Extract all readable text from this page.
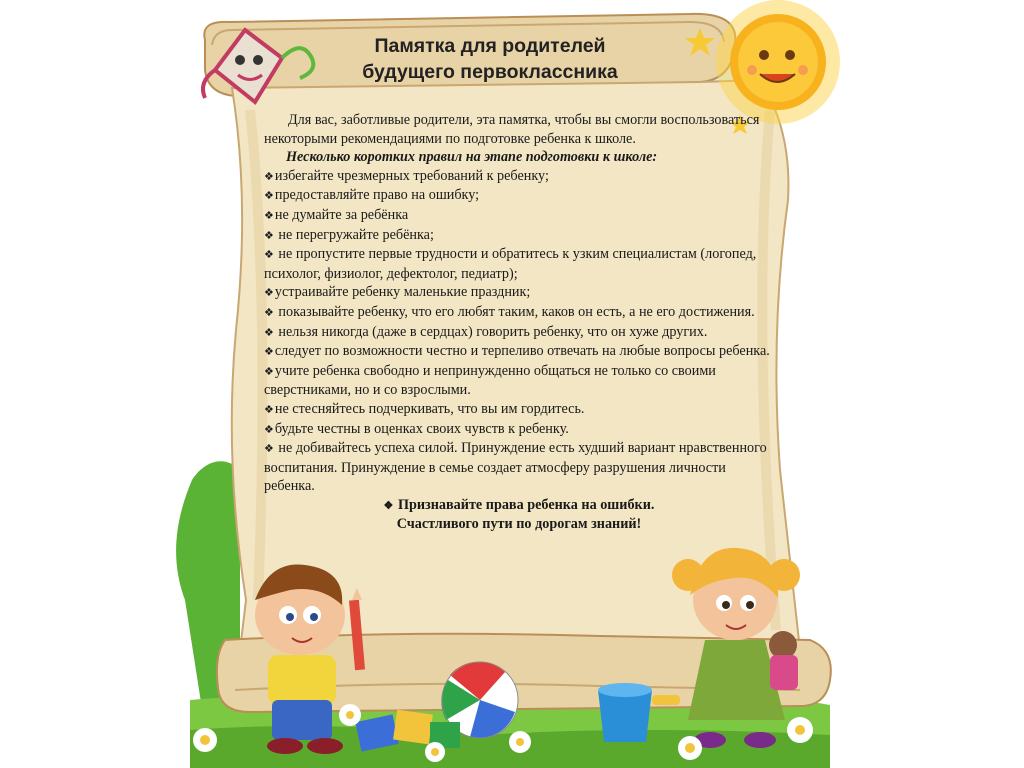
Памятка для родителей
будущего первоклассника

Для вас, заботливые родители, эта памятка, чтобы вы смогли воспользоваться некоторыми рекомендациями по подготовке ребенка к школе.

Несколько коротких правил на этапе подготовки к школе:

❖ избегайте чрезмерных требований к ребенку;

❖ предоставляйте право на ошибку;

❖ не думайте за ребёнка

❖ не перегружайте ребёнка;

❖ не пропустите первые трудности и обратитесь к узким специалистам (логопед, психолог, физиолог, дефектолог, педиатр);

❖ устраивайте ребенку маленькие праздник;

❖ показывайте ребенку, что его любят таким, каков он есть, а не его достижения.

❖ нельзя никогда (даже в сердцах) говорить ребенку, что он хуже других.

❖ следует по возможности честно и терпеливо отвечать на любые вопросы ребенка.

❖ учите ребенка свободно и непринужденно общаться не только со своими сверстниками, но и со взрослыми.

❖ не стесняйтесь подчеркивать, что вы им гордитесь.

❖ будьте честны в оценках своих чувств к ребенку.

❖ не добивайтесь успеха силой. Принуждение есть худший вариант нравственного воспитания. Принуждение в семье создает атмосферу разрушения личности ребенка.

❖ Признавайте права ребенка на ошибки.

Счастливого пути по дорогам знаний!
